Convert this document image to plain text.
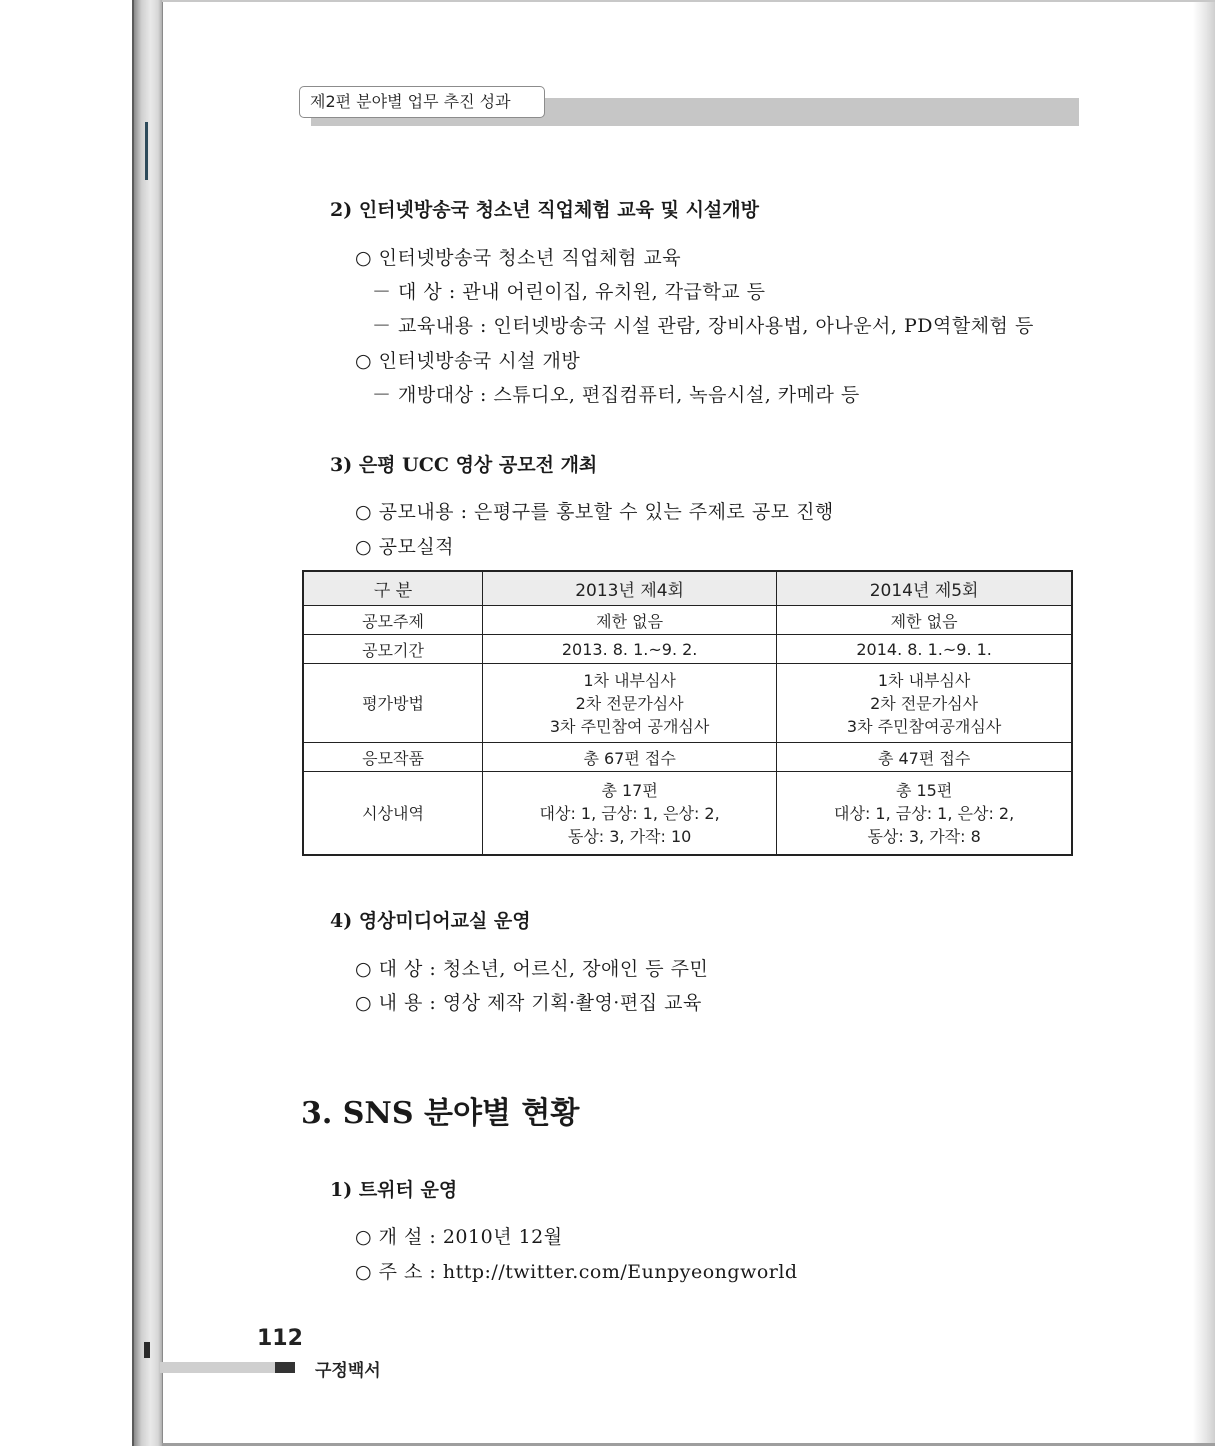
제2편 분야별 업무 추진 성과
2) 인터넷방송국 청소년 직업체험 교육 및 시설개방
○ 인터넷방송국 청소년 직업체험 교육
－ 대 상 : 관내 어린이집, 유치원, 각급학교 등
－ 교육내용 : 인터넷방송국 시설 관람, 장비사용법, 아나운서, PD역할체험 등
○ 인터넷방송국 시설 개방
－ 개방대상 : 스튜디오, 편집컴퓨터, 녹음시설, 카메라 등
3) 은평 UCC 영상 공모전 개최
○ 공모내용 : 은평구를 홍보할 수 있는 주제로 공모 진행
○ 공모실적
구 분	2013년 제4회	2014년 제5회
공모주제	제한 없음	제한 없음
공모기간	2013. 8. 1.~9. 2.	2014. 8. 1.~9. 1.
평가방법	1차 내부심사
2차 전문가심사
3차 주민참여 공개심사	1차 내부심사
2차 전문가심사
3차 주민참여공개심사

응모작품	총 67편 접수	총 47편 접수
시상내역	총 17편
대상: 1, 금상: 1, 은상: 2,
동상: 3, 가작: 10	총 15편
대상: 1, 금상: 1, 은상: 2,
동상: 3, 가작: 8
4) 영상미디어교실 운영
○ 대 상 : 청소년, 어르신, 장애인 등 주민
○ 내 용 : 영상 제작 기획·촬영·편집 교육
3. SNS 분야별 현황
1) 트위터 운영
○ 개 설 : 2010년 12월
○ 주 소 : http://twitter.com/Eunpyeongworld
112
구정백서
